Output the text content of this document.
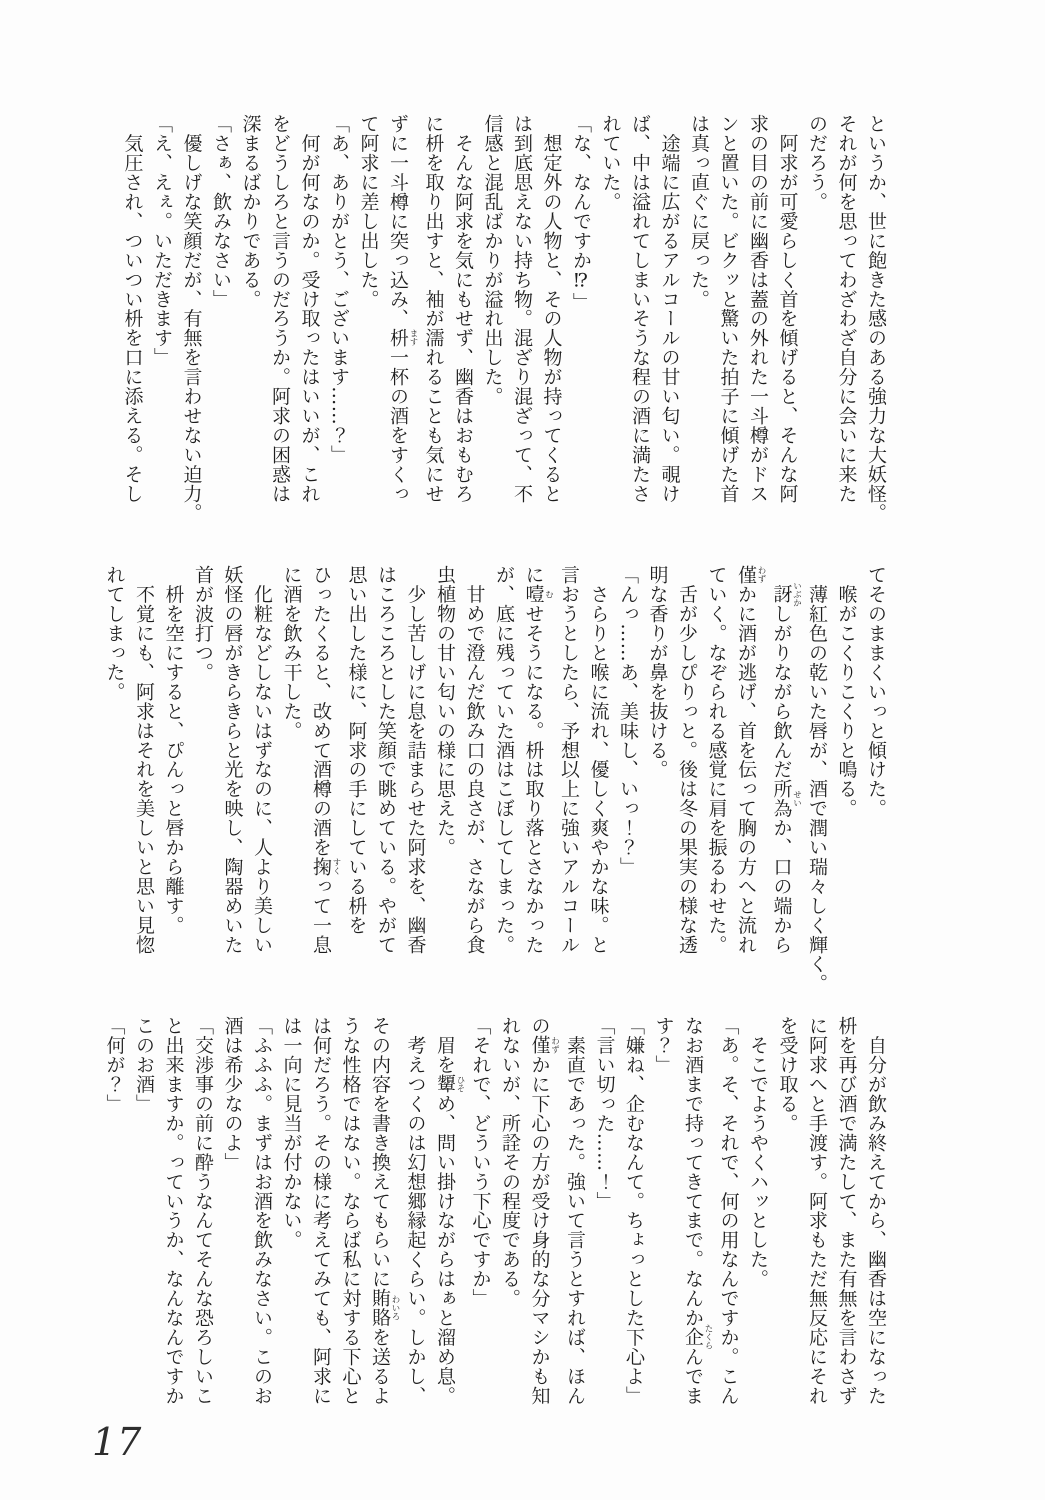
というか、世に飽きた感のある強力な大妖怪。
それが何を思ってわざわざ自分に会いに来た
のだろう。
　阿求が可愛らしく首を傾げると、そんな阿
求の目の前に幽香は蓋の外れた一斗樽がドス
ンと置いた。ビクッと驚いた拍子に傾げた首
は真っ直ぐに戻った。
　途端に広がるアルコールの甘い匂い。覗け
ば、中は溢れてしまいそうな程の酒に満たさ
れていた。
「な、なんですか⁉」
　想定外の人物と、その人物が持ってくると
は到底思えない持ち物。混ざり混ざって、不
信感と混乱ばかりが溢れ出した。
　そんな阿求を気にもせず、幽香はおもむろ
に枡を取り出すと、袖が濡れることも気にせ
ずに一斗樽に突っ込み、枡 ます一杯の酒をすくっ
て阿求に差し出した。
「あ、ありがとう、ございます……？」
　何が何なのか。受け取ったはいいが、これ
をどうしろと言うのだろうか。阿求の困惑は
深まるばかりである。
「さぁ、飲みなさい」
　優しげな笑顔だが、有無を言わせない迫力。
「え、えぇ。いただきます」
　気圧され、ついつい枡を口に添える。そし
てそのままくいっと傾けた。
　喉がこくりこくりと鳴る。
　薄紅色の乾いた唇が、酒で潤い瑞々しく輝く。
　訝 いぶかしがりながら飲んだ所為 せいか、口の端から
僅 わずかに酒が逃げ、首を伝って胸の方へと流れ
ていく。なぞられる感覚に肩を振るわせた。
　舌が少しぴりっと。後は冬の果実の様な透
明な香りが鼻を抜ける。
「んっ……あ、美味し、いっ！？」
　さらりと喉に流れ、優しく爽やかな味。と
言おうとしたら、予想以上に強いアルコール
に噎 むせそうになる。枡は取り落とさなかった
が、底に残っていた酒はこぼしてしまった。
　甘めで澄んだ飲み口の良さが、さながら食
虫植物の甘い匂いの様に思えた。
　少し苦しげに息を詰まらせた阿求を、幽香
はころころとした笑顔で眺めている。やがて
思い出した様に、阿求の手にしている枡を
ひったくると、改めて酒樽の酒を掬 すくって一息
に酒を飲み干した。
　化粧などしないはずなのに、人より美しい
妖怪の唇がきらきらと光を映し、陶器めいた
首が波打つ。
　枡を空にすると、ぴんっと唇から離す。
　不覚にも、阿求はそれを美しいと思い見惚
れてしまった。
　自分が飲み終えてから、幽香は空になった
枡を再び酒で満たして、また有無を言わさず
に阿求へと手渡す。阿求もただ無反応にそれ
を受け取る。
　そこでようやくハッとした。
「あ。そ、それで、何の用なんですか。こん
なお酒まで持ってきてまで。なんか企 たくらんでま
す？」
「嫌ね、企むなんて。ちょっとした下心よ」
「言い切った……！」
　素直であった。強いて言うとすれば、ほん
の僅 わずかに下心の方が受け身的な分マシかも知
れないが、所詮その程度である。
「それで、どういう下心ですか」
　眉を顰 ひそめ、問い掛けながらはぁと溜め息。
　考えつくのは幻想郷縁起くらい。しかし、
その内容を書き換えてもらいに賄賂 わいろを送るよ
うな性格ではない。ならば私に対する下心と
は何だろう。その様に考えてみても、阿求に
は一向に見当が付かない。
「ふふふ。まずはお酒を飲みなさい。このお
酒は希少なのよ」
「交渉事の前に酔うなんてそんな恐ろしいこ
と出来ますか。っていうか、なんなんですか
このお酒」
「何が？」
17
